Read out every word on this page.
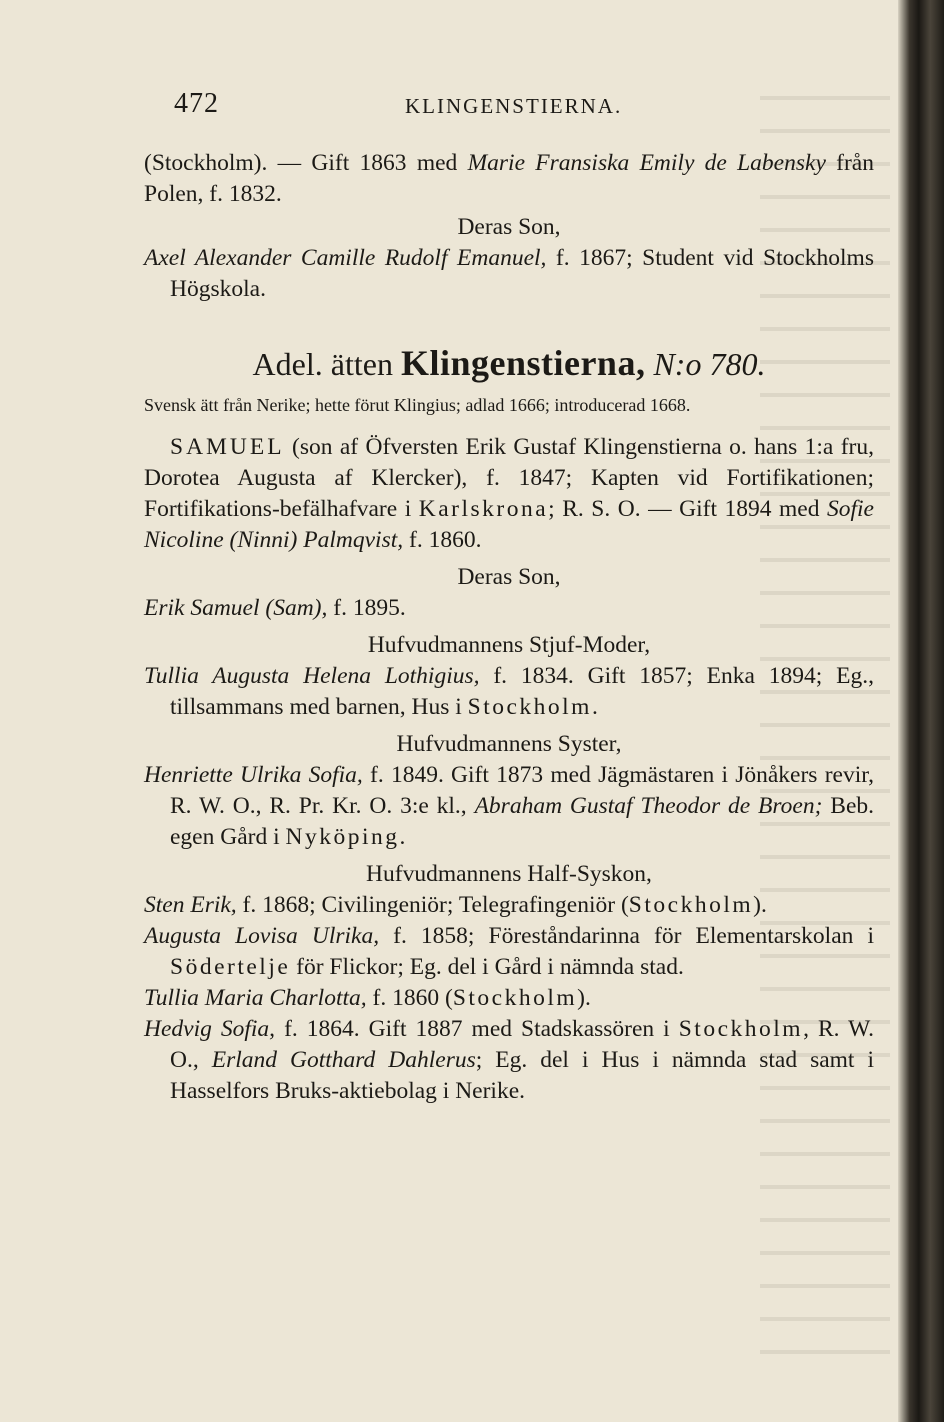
472	KLINGENSTIERNA.

(Stockholm). — Gift 1863 med Marie Fransiska Emily de Labensky från Polen, f. 1832.

Deras Son,

Axel Alexander Camille Rudolf Emanuel, f. 1867; Student vid Stockholms Högskola.

Adel. ätten Klingenstierna, N:o 780.

Svensk ätt från Nerike; hette förut Klingius; adlad 1666; introducerad 1668.

SAMUEL (son af Öfversten Erik Gustaf Klingenstierna o. hans 1:a fru, Dorotea Augusta af Klercker), f. 1847; Kapten vid Fortifikationen; Fortifikations-befälhafvare i Karlskrona; R. S. O. — Gift 1894 med Sofie Nicoline (Ninni) Palmqvist, f. 1860.

Deras Son,

Erik Samuel (Sam), f. 1895.

Hufvudmannens Stjuf-Moder,

Tullia Augusta Helena Lothigius, f. 1834. Gift 1857; Enka 1894; Eg., tillsammans med barnen, Hus i Stockholm.

Hufvudmannens Syster,

Henriette Ulrika Sofia, f. 1849. Gift 1873 med Jägmästaren i Jönåkers revir, R. W. O., R. Pr. Kr. O. 3:e kl., Abraham Gustaf Theodor de Broen; Beb. egen Gård i Nyköping.

Hufvudmannens Half-Syskon,

Sten Erik, f. 1868; Civilingeniör; Telegrafingeniör (Stockholm).

Augusta Lovisa Ulrika, f. 1858; Föreståndarinna för Elementarskolan i Södertelje för Flickor; Eg. del i Gård i nämnda stad.

Tullia Maria Charlotta, f. 1860 (Stockholm).

Hedvig Sofia, f. 1864. Gift 1887 med Stadskassören i Stockholm, R. W. O., Erland Gotthard Dahlerus; Eg. del i Hus i nämnda stad samt i Hasselfors Bruks-aktiebolag i Nerike.
